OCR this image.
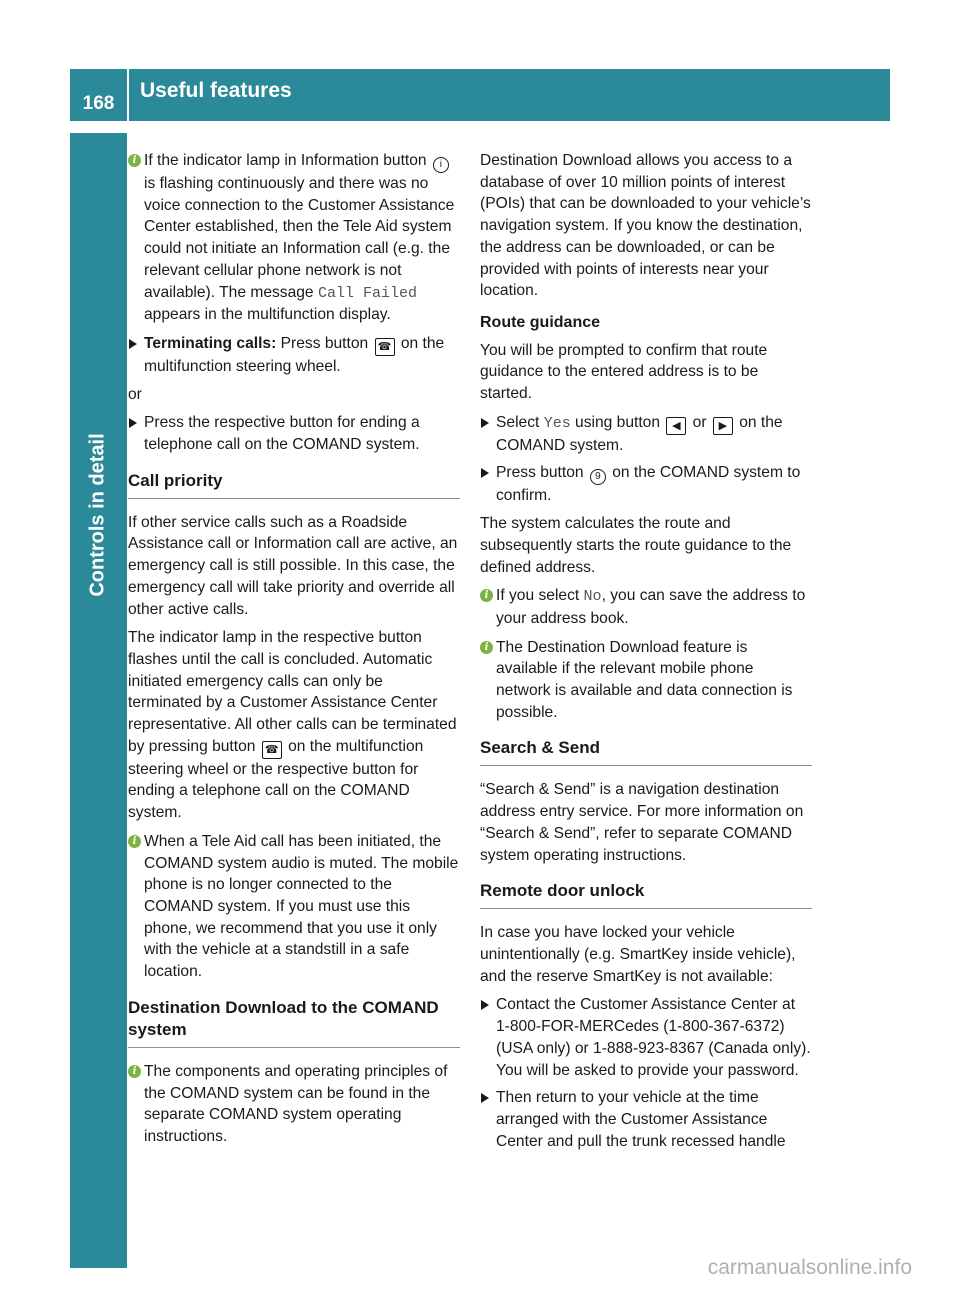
168
Useful features
Controls in detail
i If the indicator lamp in Information button i is flashing continuously and there was no voice connection to the Customer Assistance Center established, then the Tele Aid system could not initiate an Information call (e.g. the relevant cellular phone network is not available). The message Call Failed appears in the multifunction display.
Terminating calls: Press button ☎ on the multifunction steering wheel.

or

Press the respective button for ending a telephone call on the COMAND system.
Call priority

If other service calls such as a Roadside Assistance call or Information call are active, an emergency call is still possible. In this case, the emergency call will take priority and override all other active calls.

The indicator lamp in the respective button flashes until the call is concluded. Automatic initiated emergency calls can only be terminated by a Customer Assistance Center representative. All other calls can be terminated by pressing button ☎ on the multifunction steering wheel or the respective button for ending a telephone call on the COMAND system.

i When a Tele Aid call has been initiated, the COMAND system audio is muted. The mobile phone is no longer connected to the COMAND system. If you must use this phone, we recommend that you use it only with the vehicle at a standstill in a safe location.
Destination Download to the COMAND system
i The components and operating principles of the COMAND system can be found in the separate COMAND system operating instructions.

Destination Download allows you access to a database of over 10 million points of interest (POIs) that can be downloaded to your vehicle’s navigation system. If you know the destination, the address can be downloaded, or can be provided with points of interests near your location.

Route guidance

You will be prompted to confirm that route guidance to the entered address is to be started.

Select Yes using button ◀ or ▶ on the COMAND system.
Press button 9 on the COMAND system to confirm.

The system calculates the route and subsequently starts the route guidance to the defined address.

i If you select No, you can save the address to your address book.
i The Destination Download feature is available if the relevant mobile phone network is available and data connection is possible.
Search & Send

“Search & Send” is a navigation destination address entry service. For more information on “Search & Send”, refer to separate COMAND system operating instructions.

Remote door unlock

In case you have locked your vehicle unintentionally (e.g. SmartKey inside vehicle), and the reserve SmartKey is not available:

Contact the Customer Assistance Center at 1-800-FOR-MERCedes (1-800-367-6372) (USA only) or 1-888-923-8367 (Canada only). You will be asked to provide your password.
Then return to your vehicle at the time arranged with the Customer Assistance Center and pull the trunk recessed handle
carmanualsonline.info
